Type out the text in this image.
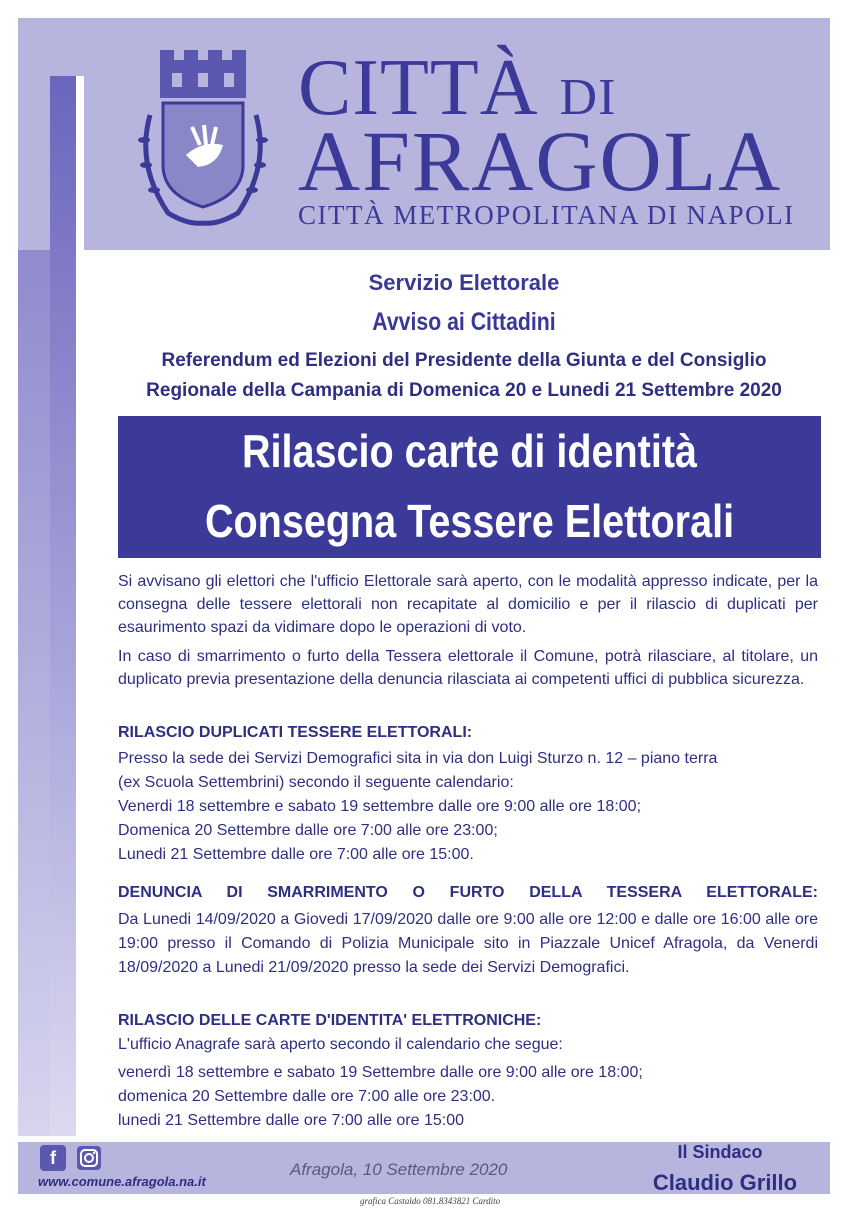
CITTÀ DI
AFRAGOLA
CITTÀ METROPOLITANA DI NAPOLI
Servizio Elettorale
Avviso ai Cittadini
Referendum ed Elezioni del Presidente della Giunta e del Consiglio
Regionale della Campania di Domenica 20 e Lunedi 21 Settembre 2020
Rilascio carte di identità
Consegna Tessere Elettorali
Si avvisano gli elettori che l'ufficio Elettorale sarà aperto, con le modalità appresso indicate, per la consegna delle tessere elettorali non recapitate al domicilio e per il rilascio di duplicati per esaurimento spazi da vidimare dopo le operazioni di voto.
In caso di smarrimento o furto della Tessera elettorale il Comune, potrà rilasciare, al titolare, un duplicato previa presentazione della denuncia rilasciata ai competenti uffici di pubblica sicurezza.
RILASCIO DUPLICATI TESSERE ELETTORALI:
Presso la sede dei Servizi Demografici sita in via don Luigi Sturzo n. 12 – piano terra
(ex Scuola Settembrini) secondo il seguente calendario:
Venerdi 18 settembre e sabato 19 settembre dalle ore 9:00 alle ore 18:00;
Domenica 20 Settembre dalle ore 7:00 alle ore 23:00;
Lunedi 21 Settembre dalle ore 7:00 alle ore 15:00.
DENUNCIA DI SMARRIMENTO O FURTO DELLA TESSERA ELETTORALE:
Da Lunedi 14/09/2020 a Giovedi 17/09/2020 dalle ore 9:00 alle ore 12:00 e dalle ore 16:00 alle ore 19:00 presso il Comando di Polizia Municipale sito in Piazzale Unicef Afragola, da Venerdi 18/09/2020 a Lunedi 21/09/2020 presso la sede dei Servizi Demografici.
RILASCIO DELLE CARTE D'IDENTITA' ELETTRONICHE:
L'ufficio Anagrafe sarà aperto secondo il calendario che segue:
venerdì 18 settembre e sabato 19 Settembre dalle ore 9:00 alle ore 18:00;
domenica 20 Settembre dalle ore 7:00 alle ore 23:00.
lunedi 21 Settembre dalle ore 7:00 alle ore 15:00
f
www.comune.afragola.na.it
Afragola, 10 Settembre 2020
Il Sindaco
Claudio Grillo
grafica Castaldo 081.8343821 Cardito
